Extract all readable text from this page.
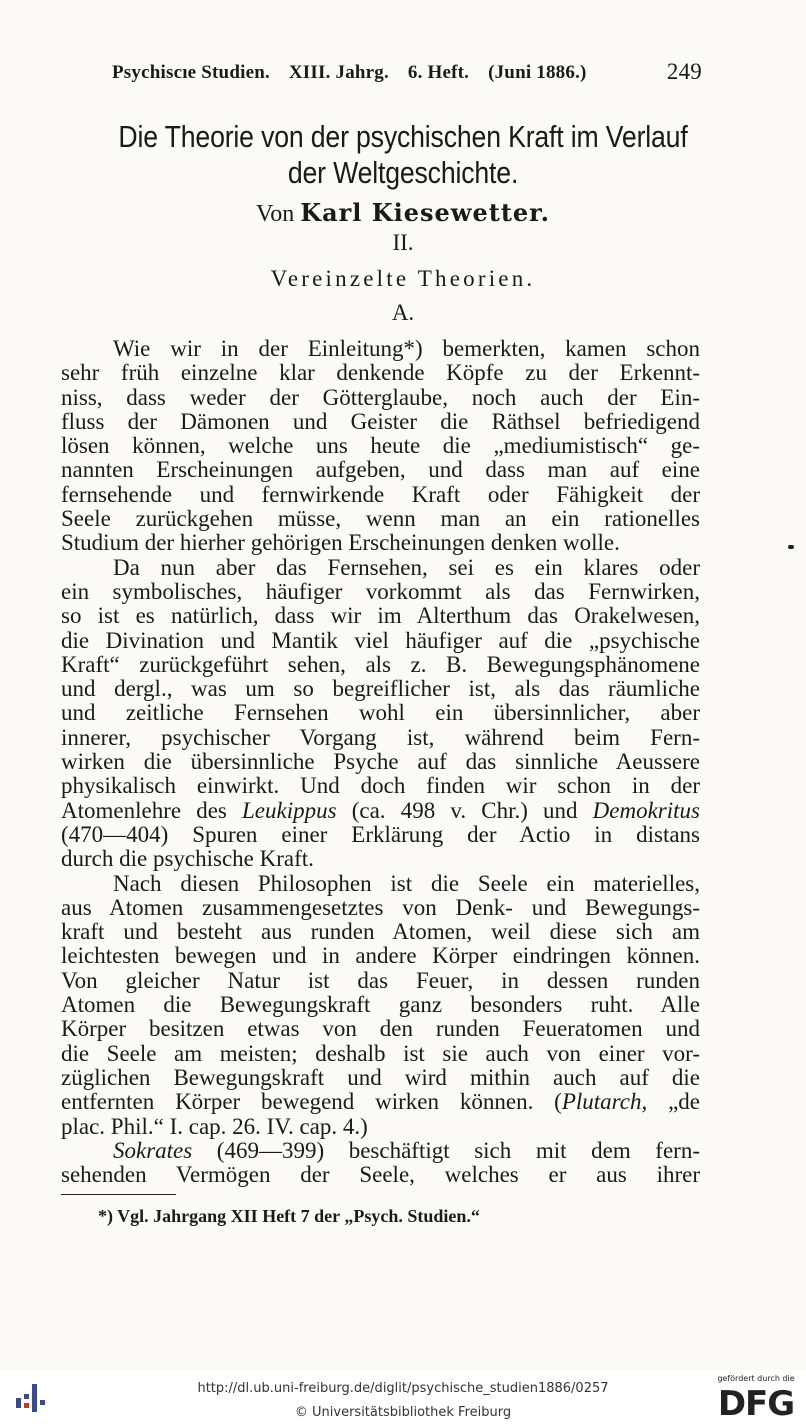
Psychiscıe Studien. XIII. Jahrg. 6. Heft. (Juni 1886.)	249
Die Theorie von der psychischen Kraft im Verlauf
der Weltgeschichte.
Von Karl Kiesewetter.
II.
Vereinzelte Theorien.
A.
Wie wir in der Einleitung*) bemerkten, kamen schon
sehr früh einzelne klar denkende Köpfe zu der Erkennt-
niss, dass weder der Götterglaube, noch auch der Ein-
fluss der Dämonen und Geister die Räthsel befriedigend
lösen können, welche uns heute die „mediumistisch“ ge-
nannten Erscheinungen aufgeben, und dass man auf eine
fernsehende und fernwirkende Kraft oder Fähigkeit der
Seele zurückgehen müsse, wenn man an ein rationelles
Studium der hierher gehörigen Erscheinungen denken wolle.
Da nun aber das Fernsehen, sei es ein klares oder
ein symbolisches, häufiger vorkommt als das Fernwirken,
so ist es natürlich, dass wir im Alterthum das Orakelwesen,
die Divination und Mantik viel häufiger auf die „psychische
Kraft“ zurückgeführt sehen, als z. B. Bewegungsphänomene
und dergl., was um so begreiflicher ist, als das räumliche
und zeitliche Fernsehen wohl ein übersinnlicher, aber
innerer, psychischer Vorgang ist, während beim Fern-
wirken die übersinnliche Psyche auf das sinnliche Aeussere
physikalisch einwirkt. Und doch finden wir schon in der
Atomenlehre des Leukippus (ca. 498 v. Chr.) und Demokritus
(470—404) Spuren einer Erklärung der Actio in distans
durch die psychische Kraft.
Nach diesen Philosophen ist die Seele ein materielles,
aus Atomen zusammengesetztes von Denk- und Bewegungs-
kraft und besteht aus runden Atomen, weil diese sich am
leichtesten bewegen und in andere Körper eindringen können.
Von gleicher Natur ist das Feuer, in dessen runden
Atomen die Bewegungskraft ganz besonders ruht. Alle
Körper besitzen etwas von den runden Feueratomen und
die Seele am meisten; deshalb ist sie auch von einer vor-
züglichen Bewegungskraft und wird mithin auch auf die
entfernten Körper bewegend wirken können. (Plutarch, „de
plac. Phil.“ I. cap. 26. IV. cap. 4.)
Sokrates (469—399) beschäftigt sich mit dem fern-
sehenden Vermögen der Seele, welches er aus ihrer
*) Vgl. Jahrgang XII Heft 7 der „Psych. Studien.“
http://dl.ub.uni-freiburg.de/diglit/psychische_studien1886/0257
© Universitätsbibliothek Freiburg
gefördert durch die
DFG
